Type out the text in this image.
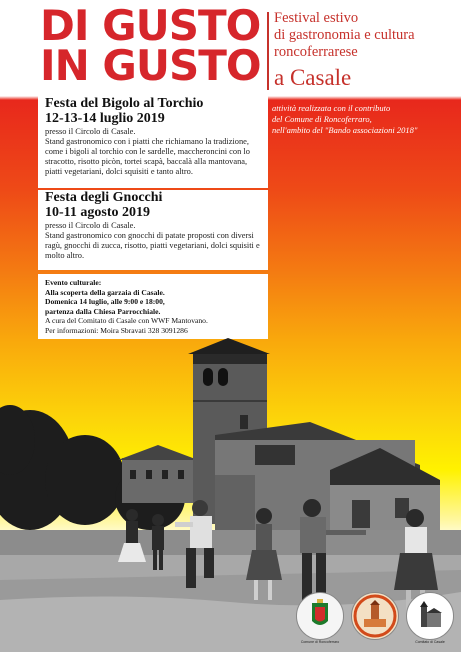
DI GUSTO
IN GUSTO
Festival estivo
di gastronomia e cultura
roncoferrarese
a Casale
attività realizzata con il contributo
del Comune di Roncoferraro,
nell'ambito del "Bando associazioni 2018"
Festa del Bigolo al Torchio
12-13-14 luglio 2019
presso il Circolo di Casale.
Stand gastronomico con i piatti che richiamano la tradizione, come i bigoli al torchio con le sardelle, maccheroncini con lo stracotto, risotto picòn, tortei scapà, baccalà alla mantovana, piatti vegetariani, dolci squisiti e tanto altro.
Festa degli Gnocchi
10-11 agosto 2019
presso il Circolo di Casale.
Stand gastronomico con gnocchi di patate proposti con diversi ragù, gnocchi di zucca, risotto, piatti vegetariani, dolci squisiti e molto altro.
Evento culturale:
Alla scoperta della garzaia di Casale.
Domenica 14 luglio, alle 9:00 e 18:00,
partenza dalla Chiesa Parrocchiale.
A cura del Comitato di Casale con WWF Mantovano.
Per informazioni: Moira Sbravati 328 3091286
Comune di Roncoferraro	Comitato di Casale
